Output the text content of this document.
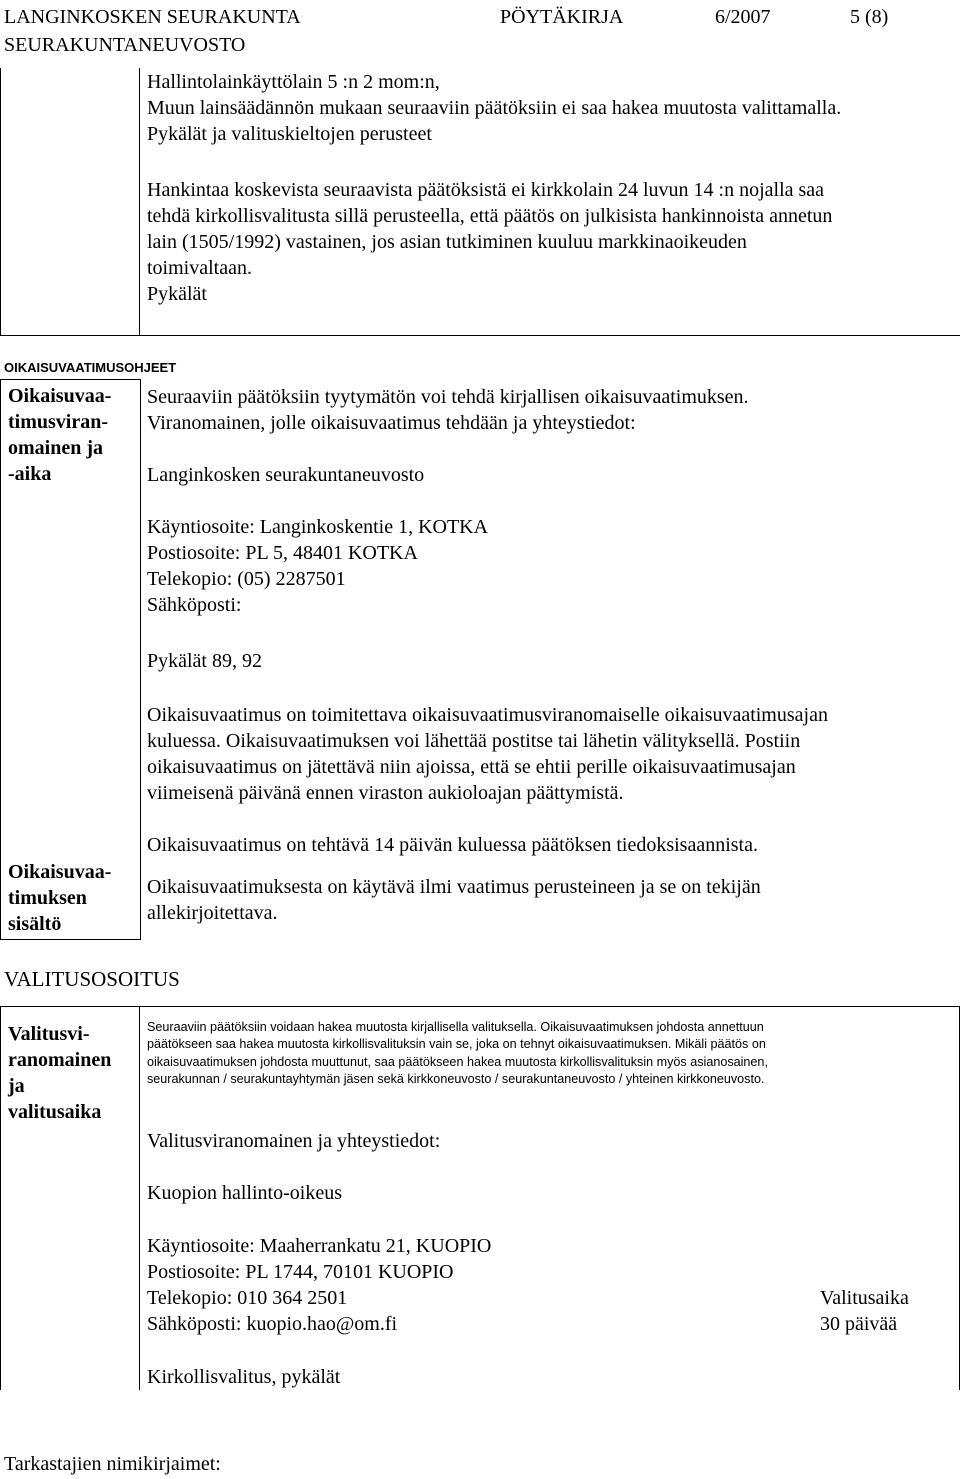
LANGINKOSKEN SEURAKUNTA
SEURAKUNTANEUVOSTO
PÖYTÄKIRJA	6/2007	5 (8)
Hallintolainkäyttölain 5 :n 2 mom:n,
Muun lainsäädännön mukaan seuraaviin päätöksiin ei saa hakea muutosta valittamalla.
Pykälät ja valituskieltojen perusteet
Hankintaa koskevista seuraavista päätöksistä ei kirkkolain 24 luvun 14 :n nojalla saa
tehdä kirkollisvalitusta sillä perusteella, että päätös on julkisista hankinnoista annetun
lain (1505/1992) vastainen, jos asian tutkiminen kuuluu markkinaoikeuden
toimivaltaan.
Pykälät
OIKAISUVAATIMUSOHJEET
Oikaisuvaa-
timusviran-
omainen ja
-aika
Oikaisuvaa-
timuksen
sisältö
Seuraaviin päätöksiin tyytymätön voi tehdä kirjallisen oikaisuvaatimuksen.
Viranomainen, jolle oikaisuvaatimus tehdään ja yhteystiedot:
Langinkosken seurakuntaneuvosto
Käyntiosoite: Langinkoskentie 1, KOTKA
Postiosoite: PL 5, 48401 KOTKA
Telekopio: (05) 2287501
Sähköposti:
Pykälät 89, 92
Oikaisuvaatimus on toimitettava oikaisuvaatimusviranomaiselle oikaisuvaatimusajan
kuluessa. Oikaisuvaatimuksen voi lähettää postitse tai lähetin välityksellä. Postiin
oikaisuvaatimus on jätettävä niin ajoissa, että se ehtii perille oikaisuvaatimusajan
viimeisenä päivänä ennen viraston aukioloajan päättymistä.
Oikaisuvaatimus on tehtävä 14 päivän kuluessa päätöksen tiedoksisaannista.
Oikaisuvaatimuksesta on käytävä ilmi vaatimus perusteineen ja se on tekijän
allekirjoitettava.
VALITUSOSOITUS
Valitusvi-
ranomainen
ja
valitusaika
Seuraaviin päätöksiin voidaan hakea muutosta kirjallisella valituksella. Oikaisuvaatimuksen johdosta annettuun
päätökseen saa hakea muutosta kirkollisvalituksin vain se, joka on tehnyt oikaisuvaatimuksen. Mikäli päätös on
oikaisuvaatimuksen johdosta muuttunut, saa päätökseen hakea muutosta kirkollisvalituksin myös asianosainen,
seurakunnan / seurakuntayhtymän jäsen sekä kirkkoneuvosto / seurakuntaneuvosto / yhteinen kirkkoneuvosto.
Valitusviranomainen ja yhteystiedot:
Kuopion hallinto-oikeus
Käyntiosoite: Maaherrankatu 21, KUOPIO
Postiosoite: PL 1744, 70101 KUOPIO
Telekopio: 010 364 2501
Sähköposti: kuopio.hao@om.fi
Valitusaika
30 päivää
Kirkollisvalitus, pykälät
Tarkastajien nimikirjaimet:
